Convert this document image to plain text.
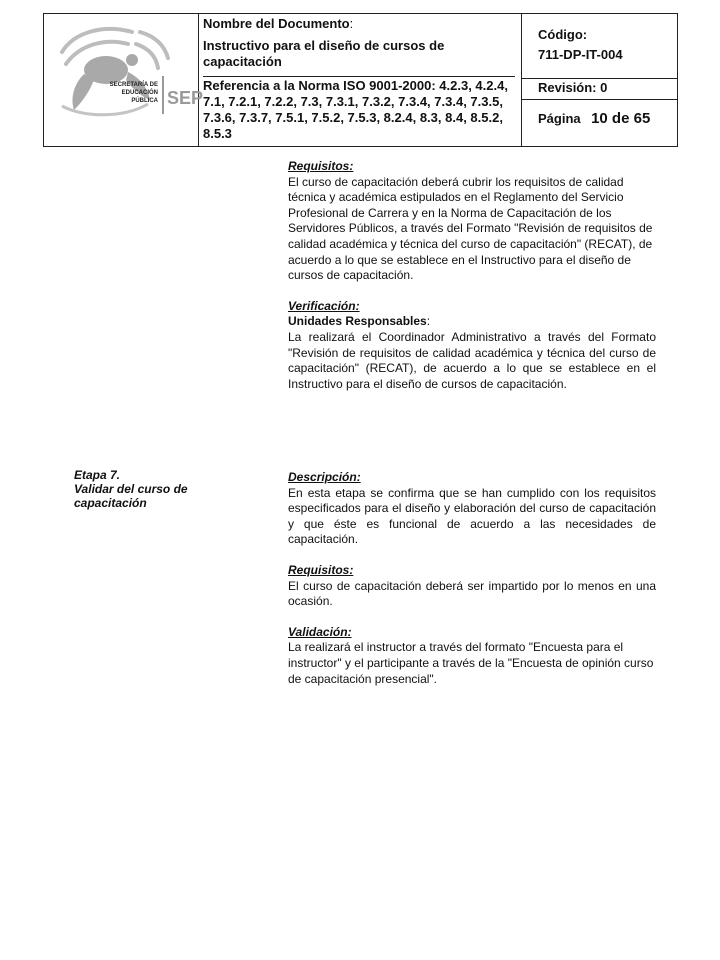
SECRETARÍA DE
EDUCACIÓN
PÚBLICA SEP
Nombre del Documento:
Instructivo para el diseño de cursos de capacitación
Referencia a la Norma ISO 9001-2000: 4.2.3, 4.2.4, 7.1, 7.2.1, 7.2.2, 7.3, 7.3.1, 7.3.2, 7.3.4, 7.3.4, 7.3.5, 7.3.6, 7.3.7, 7.5.1, 7.5.2, 7.5.3, 8.2.4, 8.3, 8.4, 8.5.2, 8.5.3
Código:
711-DP-IT-004
Revisión: 0
Página 10 de 65

Requisitos:

El curso de capacitación deberá cubrir los requisitos de calidad técnica y académica estipulados en el Reglamento del Servicio Profesional de Carrera y en la Norma de Capacitación de los Servidores Públicos, a través del Formato "Revisión de requisitos de calidad académica y técnica del curso de capacitación" (RECAT), de acuerdo a lo que se establece en el Instructivo para el diseño de cursos de capacitación.

Verificación:

Unidades Responsables:

La realizará el Coordinador Administrativo a través del Formato "Revisión de requisitos de calidad académica y técnica del curso de capacitación" (RECAT), de acuerdo a lo que se establece en el Instructivo para el diseño de cursos de capacitación.

Etapa 7.
Validar del curso de capacitación

Descripción:

En esta etapa se confirma que se han cumplido con los requisitos especificados para el diseño y elaboración del curso de capacitación y que éste es funcional de acuerdo a las necesidades de capacitación.

Requisitos:

El curso de capacitación deberá ser impartido por lo menos en una ocasión.

Validación:

La realizará el instructor a través del formato "Encuesta para el instructor" y el participante a través de la "Encuesta de opinión curso de capacitación presencial".
